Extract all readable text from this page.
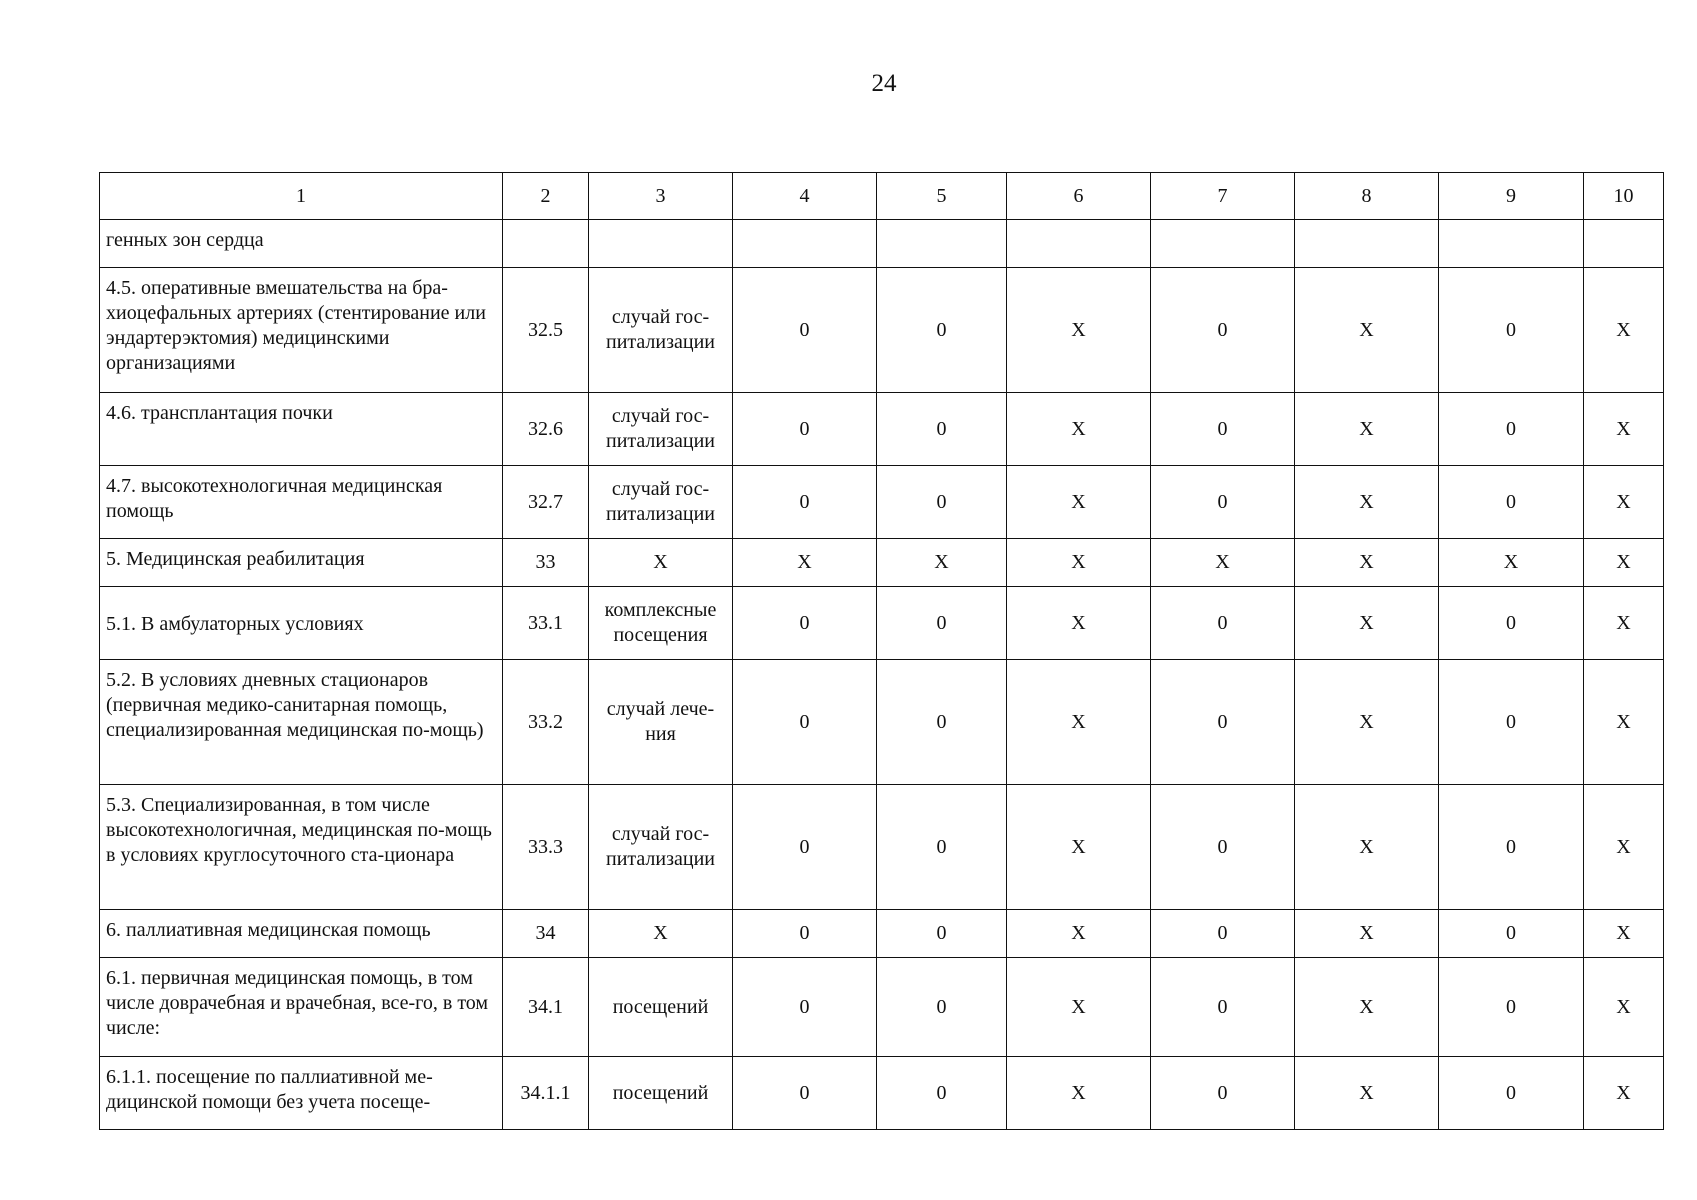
24
1	2	3	4	5	6	7	8	9	10
генных зон сердца									
4.5. оперативные вмешательства на бра-хиоцефальных артериях (стентирование или эндартерэктомия) медицинскими организациями	32.5	случай гос-питализации	0	0	X	0	X	0	X
4.6. трансплантация почки	32.6	случай гос-питализации	0	0	X	0	X	0	X
4.7. высокотехнологичная медицинская помощь	32.7	случай гос-питализации	0	0	X	0	X	0	X
5. Медицинская реабилитация	33	X	X	X	X	X	X	X	X
5.1. В амбулаторных условиях	33.1	комплексные посещения	0	0	X	0	X	0	X
5.2. В условиях дневных стационаров (первичная медико-санитарная помощь, специализированная медицинская по-мощь)	33.2	случай лече-ния	0	0	X	0	X	0	X
5.3. Специализированная, в том числе высокотехнологичная, медицинская по-мощь в условиях круглосуточного ста-ционара	33.3	случай гос-питализации	0	0	X	0	X	0	X
6. паллиативная медицинская помощь	34	X	0	0	X	0	X	0	X
6.1. первичная медицинская помощь, в том числе доврачебная и врачебная, все-го, в том числе:	34.1	посещений	0	0	X	0	X	0	X
6.1.1. посещение по паллиативной ме-дицинской помощи без учета посеще-	34.1.1	посещений	0	0	X	0	X	0	X
